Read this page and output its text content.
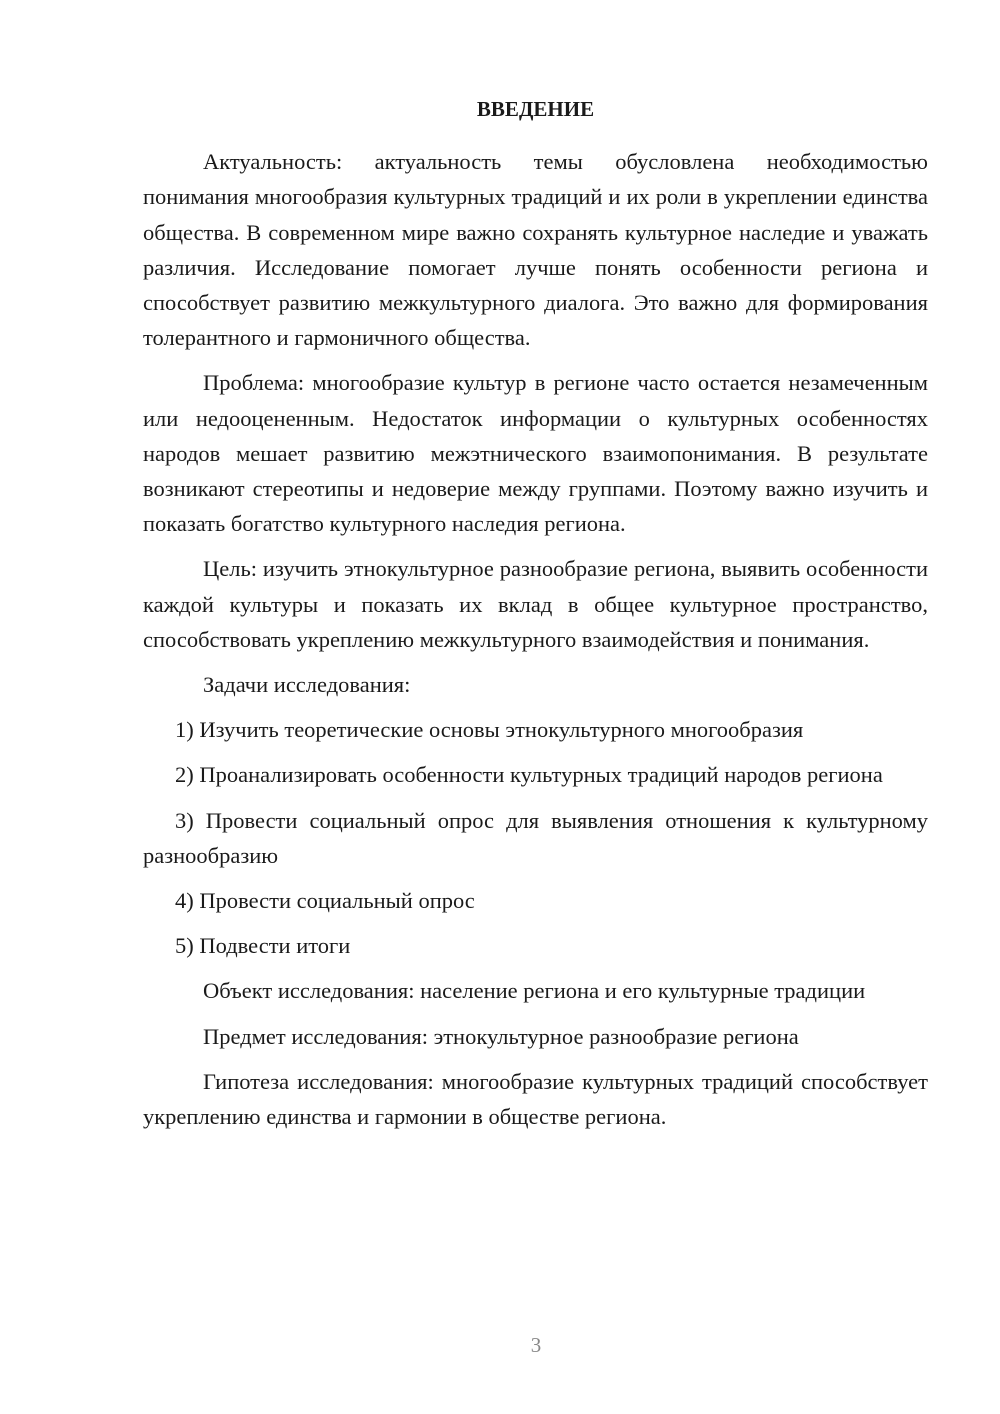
ВВЕДЕНИЕ

Актуальность: актуальность темы обусловлена необходимостью понимания многообразия культурных традиций и их роли в укреплении единства общества. В современном мире важно сохранять культурное наследие и уважать различия. Исследование помогает лучше понять особенности региона и способствует развитию межкультурного диалога. Это важно для формирования толерантного и гармоничного общества.

Проблема: многообразие культур в регионе часто остается незамеченным или недооцененным. Недостаток информации о культурных особенностях народов мешает развитию межэтнического взаимопонимания. В результате возникают стереотипы и недоверие между группами. Поэтому важно изучить и показать богатство культурного наследия региона.

Цель: изучить этнокультурное разнообразие региона, выявить особенности каждой культуры и показать их вклад в общее культурное пространство, способствовать укреплению межкультурного взаимодействия и понимания.

Задачи исследования:

1) Изучить теоретические основы этнокультурного многообразия

2) Проанализировать особенности культурных традиций народов региона

3) Провести социальный опрос для выявления отношения к культурному разнообразию

4) Провести социальный опрос

5) Подвести итоги

Объект исследования: население региона и его культурные традиции

Предмет исследования: этнокультурное разнообразие региона

Гипотеза исследования: многообразие культурных традиций способствует укреплению единства и гармонии в обществе региона.

3
